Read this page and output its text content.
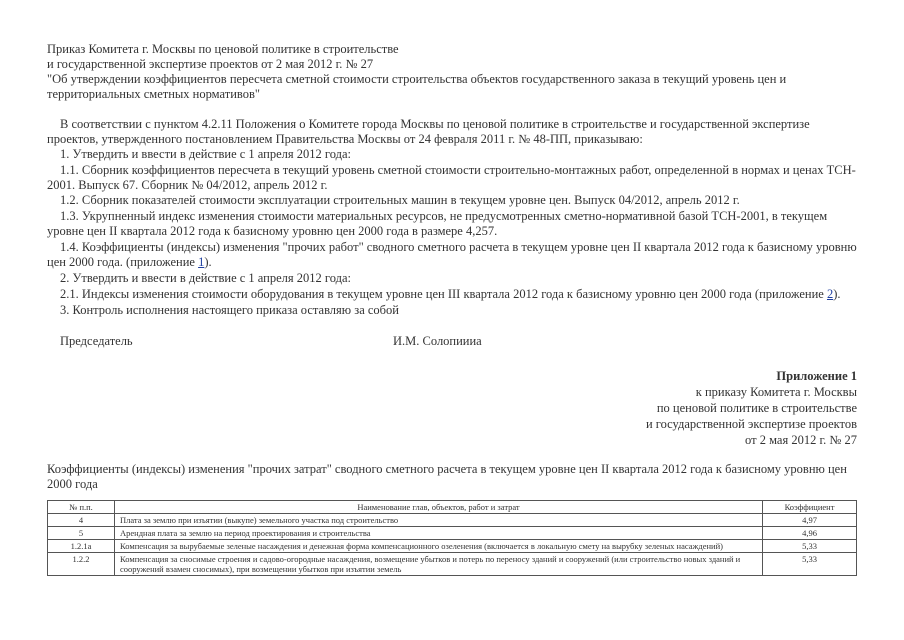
Приказ Комитета г. Москвы по ценовой политике в строительстве
и государственной экспертизе проектов от 2 мая 2012 г. № 27
"Об утверждении коэффициентов пересчета сметной стоимости строительства объектов государственного заказа в текущий уровень цен и
территориальных сметных нормативов"
В соответствии с пунктом 4.2.11 Положения о Комитете города Москвы по ценовой политике в строительстве и государственной экспертизе
проектов, утвержденного постановлением Правительства Москвы от 24 февраля 2011 г. № 48-ПП, приказываю:
1. Утвердить и ввести в действие с 1 апреля 2012 года:
1.1. Сборник коэффициентов пересчета в текущий уровень сметной стоимости строительно-монтажных работ, определенной в нормах и ценах ТСН-
2001. Выпуск 67. Сборник № 04/2012, апрель 2012 г.
1.2. Сборник показателей стоимости эксплуатации строительных машин в текущем уровне цен. Выпуск 04/2012, апрель 2012 г.
1.3. Укрупненный индекс изменения стоимости материальных ресурсов, не предусмотренных сметно-нормативной базой ТСН-2001, в текущем
уровне цен II квартала 2012 года к базисному уровню цен 2000 года в размере 4,257.
1.4. Коэффициенты (индексы) изменения "прочих работ" сводного сметного расчета в текущем уровне цен II квартала 2012 года к базисному уровню
цен 2000 года. (приложение 1).
2. Утвердить и ввести в действие с 1 апреля 2012 года:
2.1. Индексы изменения стоимости оборудования в текущем уровне цен III квартала 2012 года к базисному уровню цен 2000 года (приложение 2).
3. Контроль исполнения настоящего приказа оставляю за собой
Председатель	И.М. Солопиииа
Приложение 1
к приказу Комитета г. Москвы
по ценовой политике в строительстве
и государственной экспертизе проектов
от 2 мая 2012 г. № 27
Коэффициенты (индексы) изменения "прочих затрат" сводного сметного расчета в текущем уровне цен II квартала 2012 года к базисному уровню цен
2000 года
№ п.п.	Наименование глав, объектов, работ и затрат	Коэффициент
4	Плата за землю при изъятии (выкупе) земельного участка под строительство	4,97
5	Арендная плата за землю на период проектирования и строительства	4,96
1.2.1а	Компенсация за вырубаемые зеленые насаждения и денежная форма компенсационного озеленения (включается в локальную смету на вырубку зеленых насаждений)	5,33
1.2.2	Компенсация за сносимые строения и садово-огородные насаждения, возмещение убытков и потерь по переносу зданий и сооружений (или строительство новых зданий и сооружений взамен сносимых), при возмещении убытков при изъятии земель	5,33
